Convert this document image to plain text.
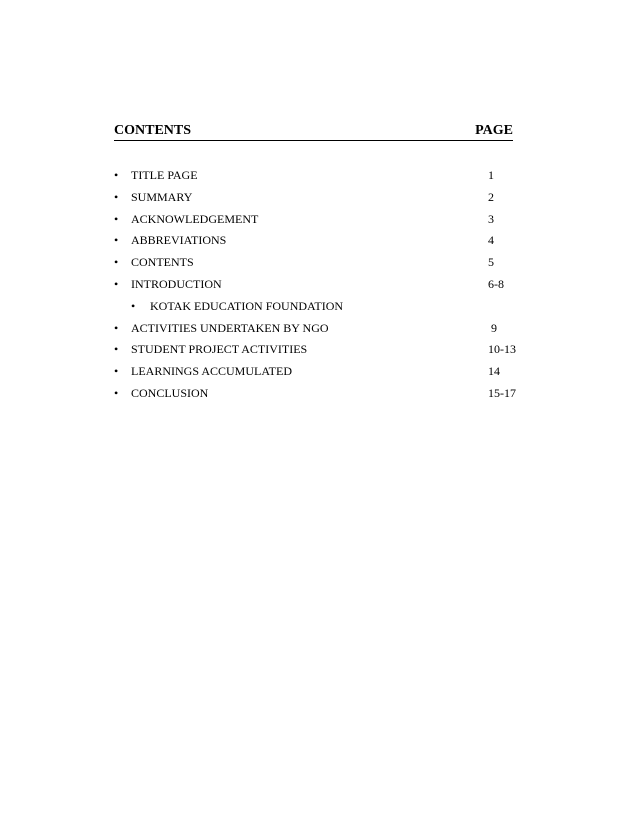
CONTENTS	PAGE
• TITLE PAGE	1
• SUMMARY	2
• ACKNOWLEDGEMENT	3
• ABBREVIATIONS	4
• CONTENTS	5
• INTRODUCTION	6-8
• KOTAK EDUCATION FOUNDATION
• ACTIVITIES UNDERTAKEN BY NGO	9
• STUDENT PROJECT ACTIVITIES	10-13
• LEARNINGS ACCUMULATED	14
• CONCLUSION	15-17
